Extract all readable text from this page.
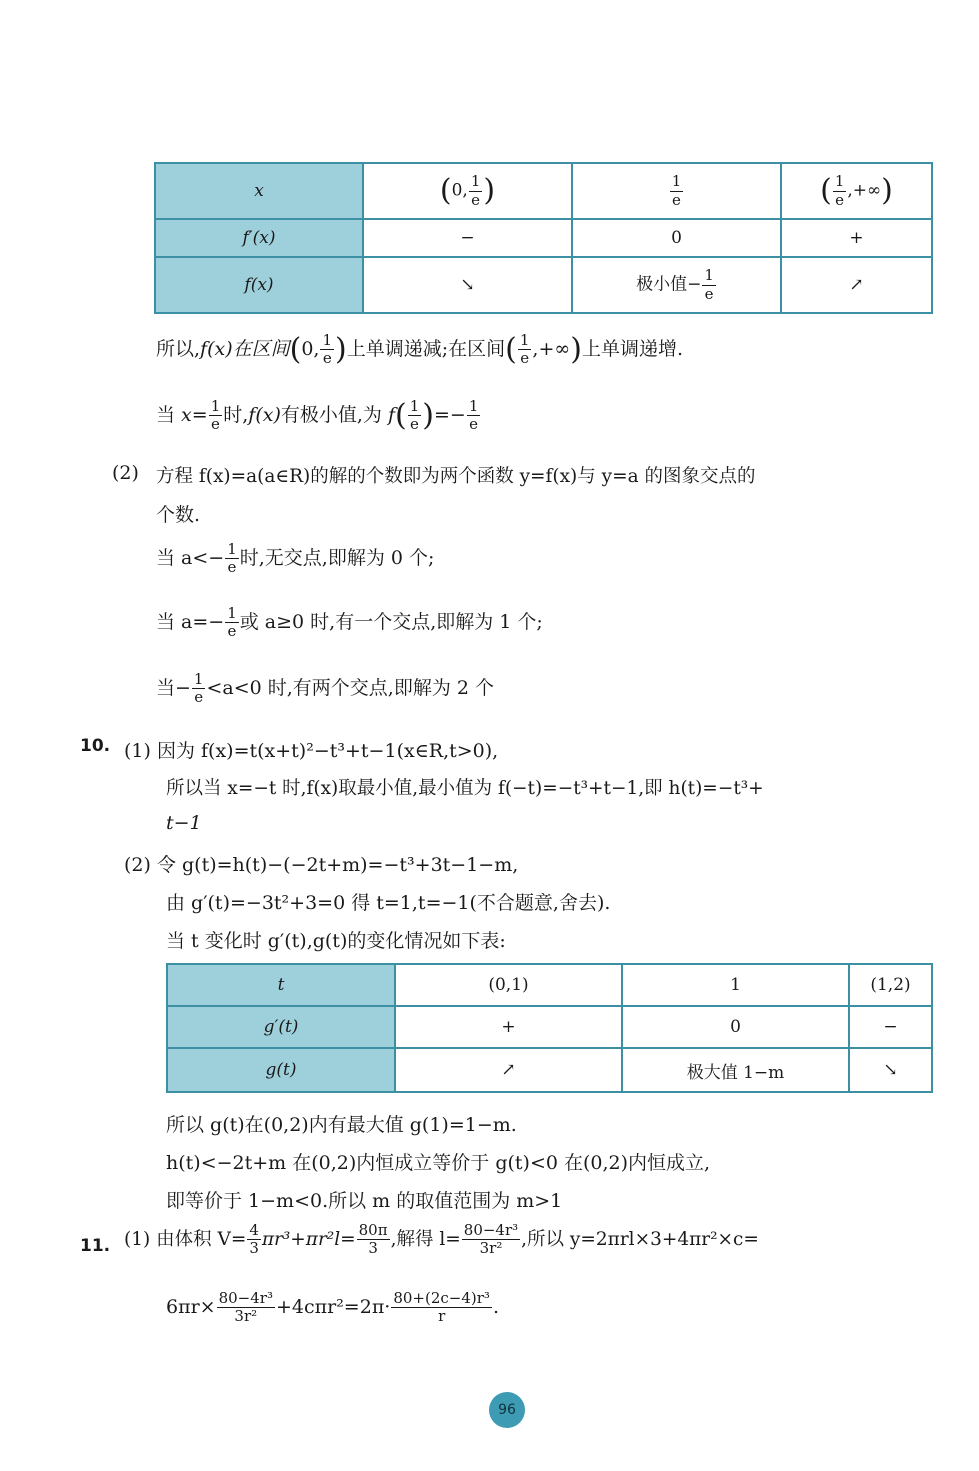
x	(0, $\frac{1}{e}$ )	$\frac{1}{e}$	( $\frac{1}{e}$ ,+∞)
f′(x)	−	0	+
f(x)	↘	极小值− $\frac{1}{e}$	↗
所以,f(x)在区间(0, $\frac{1}{e}$ )上单调递减;在区间( $\frac{1}{e}$ ,+∞)上单调递增.
当 $x= \frac{1}{e}$ 时,f(x)有极小值,为 $f( \frac{1}{e}$ )=− $\frac{1}{e}$
(2) 方程 f(x)=a(a∈R)的解的个数即为两个函数 y=f(x)与 y=a 的图象交点的
个数.
当 $a<- \frac{1}{e}$ 时,无交点,即解为 0 个;
当 $a=- \frac{1}{e}$ 或 a≥0 时,有一个交点,即解为 1 个;
当− $\frac{1}{e} <a<0$ 时,有两个交点,即解为 2 个
10. (1) 因为 f(x)=t(x+t)²−t³+t−1(x∈R,t>0),
所以当 x=−t 时,f(x)取最小值,最小值为 f(−t)=−t³+t−1,即 h(t)=−t³+
t−1
(2) 令 g(t)=h(t)−(−2t+m)=−t³+3t−1−m,
由 g′(t)=−3t²+3=0 得 t=1,t=−1(不合题意,舍去).
当 t 变化时 g′(t),g(t)的变化情况如下表:
t	(0,1)	1	(1,2)
g′(t)	+	0	−
g(t)	↗	极大值 1−m	↘
所以 g(t)在(0,2)内有最大值 g(1)=1−m.
h(t)<−2t+m 在(0,2)内恒成立等价于 g(t)<0 在(0,2)内恒成立,
即等价于 1−m<0.所以 m 的取值范围为 m>1
11. (1) 由体积 $V= \frac{4}{3} \pi r^3+\pi r^2l= \frac{80\pi}{3}$ ,解得 $l= \frac{\text{80−4r³}}{\text{3r²}}$ ,所以 y=2πrl×3+4πr²×c=
$6\pi r\times \frac{\text{80−4r³}}{\text{3r²}} +4c\pi r^2=2\pi\cdot \frac{\text{80+(2c−4)r³}}{r}$ .
96
